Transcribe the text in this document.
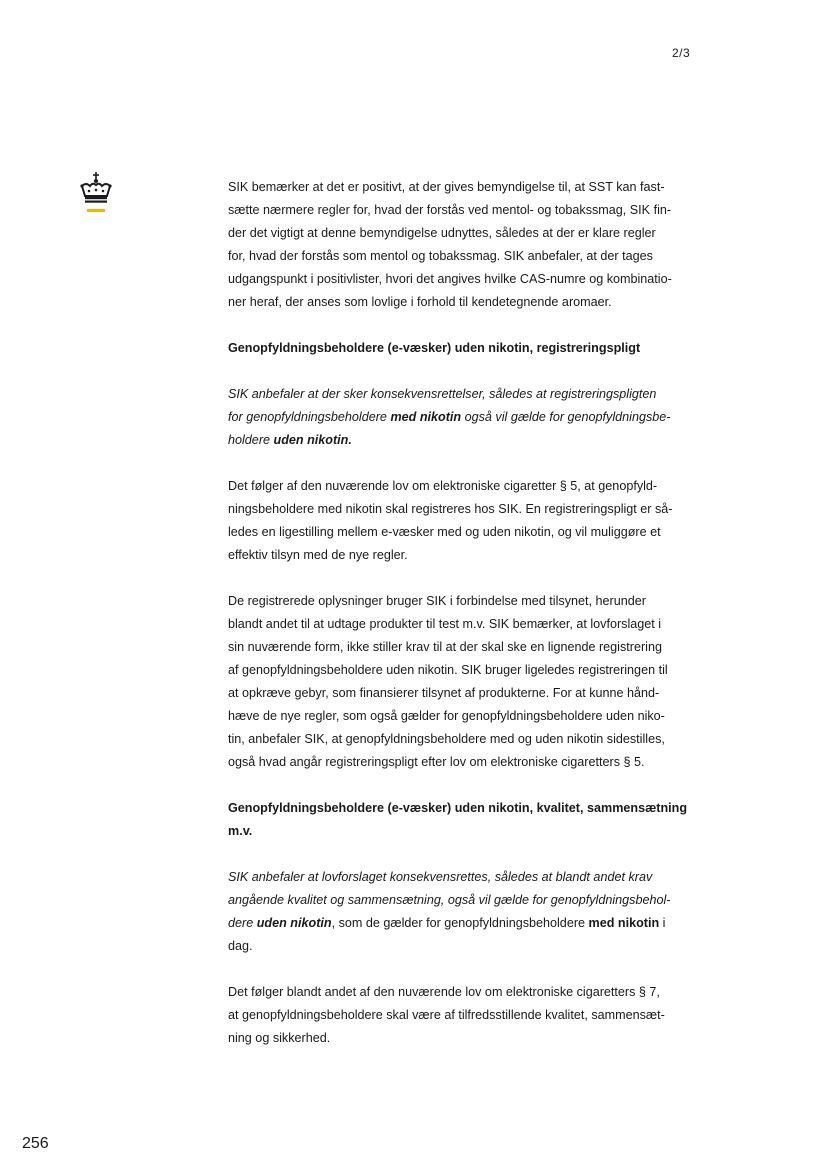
2/3

SIK bemærker at det er positivt, at der gives bemyndigelse til, at SST kan fast-
sætte nærmere regler for, hvad der forstås ved mentol- og tobakssmag, SIK fin-
der det vigtigt at denne bemyndigelse udnyttes, således at der er klare regler
for, hvad der forstås som mentol og tobakssmag. SIK anbefaler, at der tages
udgangspunkt i positivlister, hvori det angives hvilke CAS-numre og kombinatio-
ner heraf, der anses som lovlige i forhold til kendetegnende aromaer.

Genopfyldningsbeholdere (e-væsker) uden nikotin, registreringspligt

SIK anbefaler at der sker konsekvensrettelser, således at registreringspligten
for genopfyldningsbeholdere med nikotin også vil gælde for genopfyldningsbe-
holdere uden nikotin.

Det følger af den nuværende lov om elektroniske cigaretter § 5, at genopfyld-
ningsbeholdere med nikotin skal registreres hos SIK. En registreringspligt er så-
ledes en ligestilling mellem e-væsker med og uden nikotin, og vil muliggøre et
effektiv tilsyn med de nye regler.

De registrerede oplysninger bruger SIK i forbindelse med tilsynet, herunder
blandt andet til at udtage produkter til test m.v. SIK bemærker, at lovforslaget i
sin nuværende form, ikke stiller krav til at der skal ske en lignende registrering
af genopfyldningsbeholdere uden nikotin. SIK bruger ligeledes registreringen til
at opkræve gebyr, som finansierer tilsynet af produkterne. For at kunne hånd-
hæve de nye regler, som også gælder for genopfyldningsbeholdere uden niko-
tin, anbefaler SIK, at genopfyldningsbeholdere med og uden nikotin sidestilles,
også hvad angår registreringspligt efter lov om elektroniske cigaretters § 5.

Genopfyldningsbeholdere (e-væsker) uden nikotin, kvalitet, sammensætning
m.v.

SIK anbefaler at lovforslaget konsekvensrettes, således at blandt andet krav
angående kvalitet og sammensætning, også vil gælde for genopfyldningsbehol-
dere uden nikotin, som de gælder for genopfyldningsbeholdere med nikotin i
dag.

Det følger blandt andet af den nuværende lov om elektroniske cigaretters § 7,
at genopfyldningsbeholdere skal være af tilfredsstillende kvalitet, sammensæt-
ning og sikkerhed.

256
